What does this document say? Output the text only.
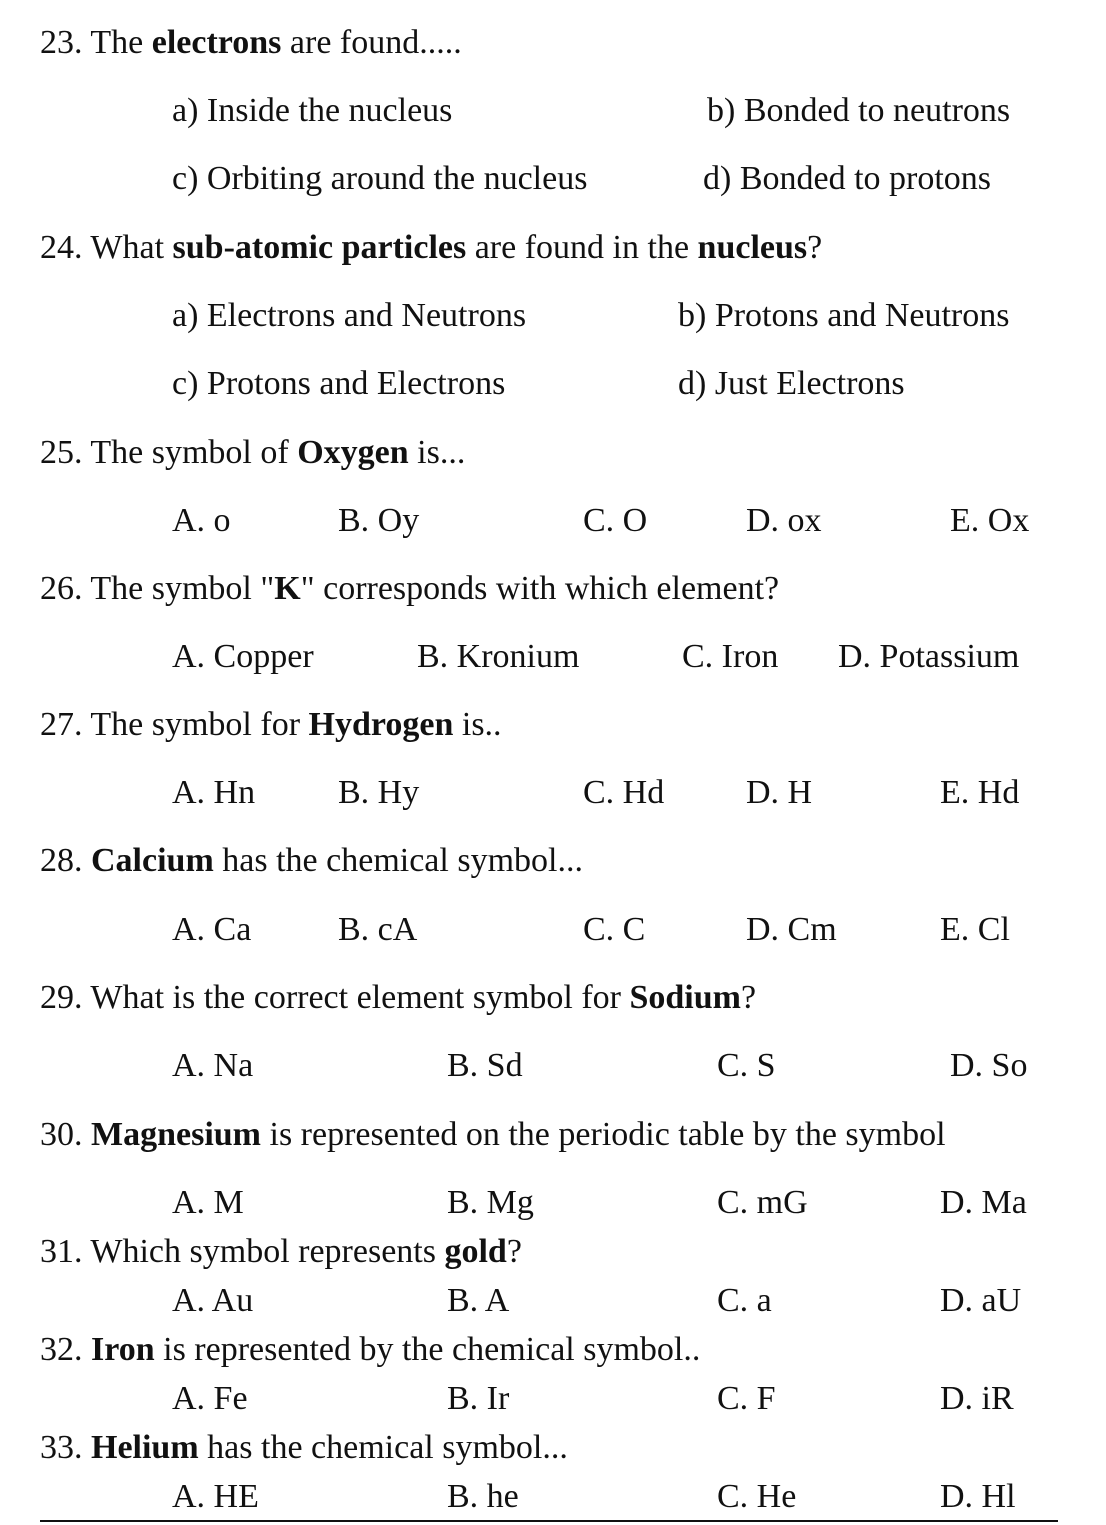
23. The electrons are found.....
a) Inside the nucleus	b) Bonded to neutrons
c) Orbiting around the nucleus	d) Bonded to protons
24. What sub-atomic particles are found in the nucleus?
a) Electrons and Neutrons	b) Protons and Neutrons
c) Protons and Electrons	d) Just Electrons
25. The symbol of Oxygen is...
A. o	B. Oy	C. O	D. ox	E. Ox
26. The symbol "K" corresponds with which element?
A. Copper	B. Kronium	C. Iron D. Potassium
27. The symbol for Hydrogen is..
A. Hn B. Hy	C. Hd D. H	E. Hd
28. Calcium has the chemical symbol...
A. Ca	B. cA	C. C	D. Cm	E. Cl
29. What is the correct element symbol for Sodium?
A. Na	B. Sd	C. S	D. So
30. Magnesium is represented on the periodic table by the symbol
A. M	B. Mg	C. mG	D. Ma
31. Which symbol represents gold?
A. Au	B. A	C. a	D. aU
32. Iron is represented by the chemical symbol..
A. Fe	B. Ir	C. F	D. iR
33. Helium has the chemical symbol...
A. HE	B. he	C. He	D. Hl
